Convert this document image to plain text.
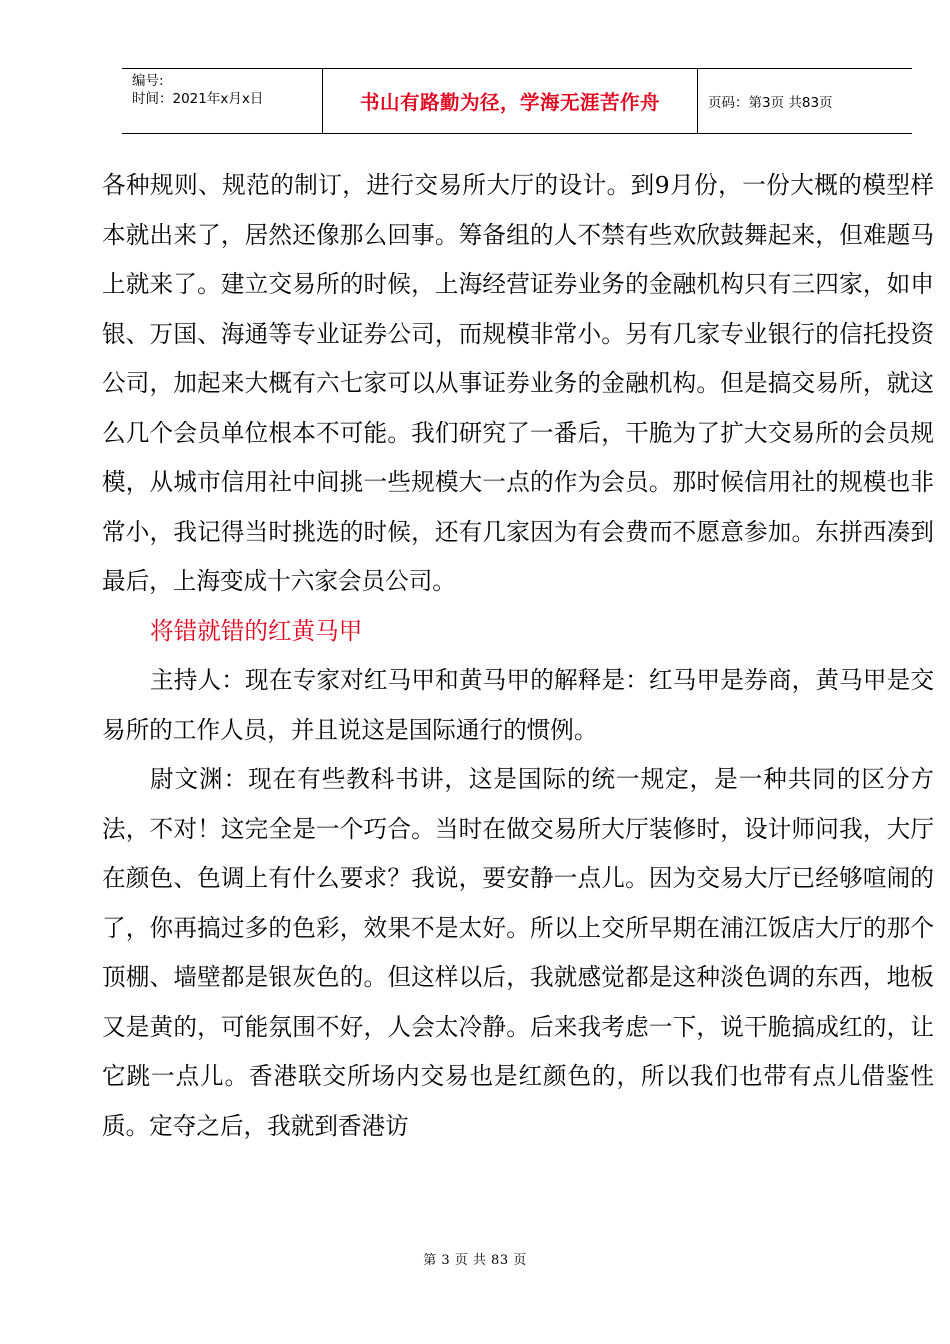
编号:
时间：2021年x月x日	书山有路勤为径，学海无涯苦作舟	页码：第3页 共83页

各种规则、规范的制订，进行交易所大厅的设计。到9月份，一份大概的模型样本就出来了，居然还像那么回事。筹备组的人不禁有些欢欣鼓舞起来，但难题马上就来了。建立交易所的时候，上海经营证券业务的金融机构只有三四家，如申银、万国、海通等专业证券公司，而规模非常小。另有几家专业银行的信托投资公司，加起来大概有六七家可以从事证券业务的金融机构。但是搞交易所，就这么几个会员单位根本不可能。我们研究了一番后，干脆为了扩大交易所的会员规模，从城市信用社中间挑一些规模大一点的作为会员。那时候信用社的规模也非常小，我记得当时挑选的时候，还有几家因为有会费而不愿意参加。东拼西凑到最后，上海变成十六家会员公司。

将错就错的红黄马甲

主持人：现在专家对红马甲和黄马甲的解释是：红马甲是券商，黄马甲是交易所的工作人员，并且说这是国际通行的惯例。

尉文渊：现在有些教科书讲，这是国际的统一规定，是一种共同的区分方法，不对！这完全是一个巧合。当时在做交易所大厅装修时，设计师问我，大厅在颜色、色调上有什么要求？我说，要安静一点儿。因为交易大厅已经够喧闹的了，你再搞过多的色彩，效果不是太好。所以上交所早期在浦江饭店大厅的那个顶棚、墙壁都是银灰色的。但这样以后，我就感觉都是这种淡色调的东西，地板又是黄的，可能氛围不好，人会太冷静。后来我考虑一下，说干脆搞成红的，让它跳一点儿。香港联交所场内交易也是红颜色的，所以我们也带有点儿借鉴性质。定夺之后，我就到香港访

第 3 页 共 83 页
